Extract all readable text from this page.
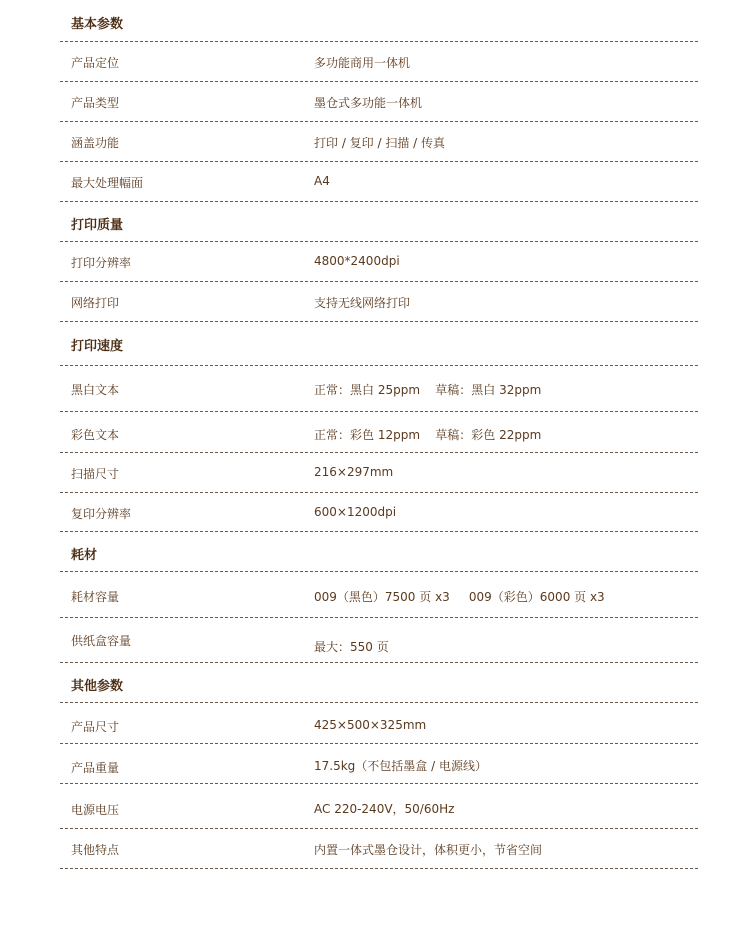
基本参数
产品定位	多功能商用一体机
产品类型	墨仓式多功能一体机
涵盖功能	打印 / 复印 / 扫描 / 传真
最大处理幅面	A4
打印质量
打印分辨率	4800*2400dpi
网络打印	支持无线网络打印
打印速度
黑白文本	正常：黑白 25ppm    草稿：黑白 32ppm
彩色文本	正常：彩色 12ppm    草稿：彩色 22ppm
扫描尺寸	216×297mm
复印分辨率	600×1200dpi
耗材
耗材容量	009（黑色）7500 页 x3     009（彩色）6000 页 x3
供纸盒容量	最大：550 页
其他参数
产品尺寸	425×500×325mm
产品重量	17.5kg（不包括墨盒 / 电源线）
电源电压	AC 220-240V，50/60Hz
其他特点	内置一体式墨仓设计，体积更小，节省空间
